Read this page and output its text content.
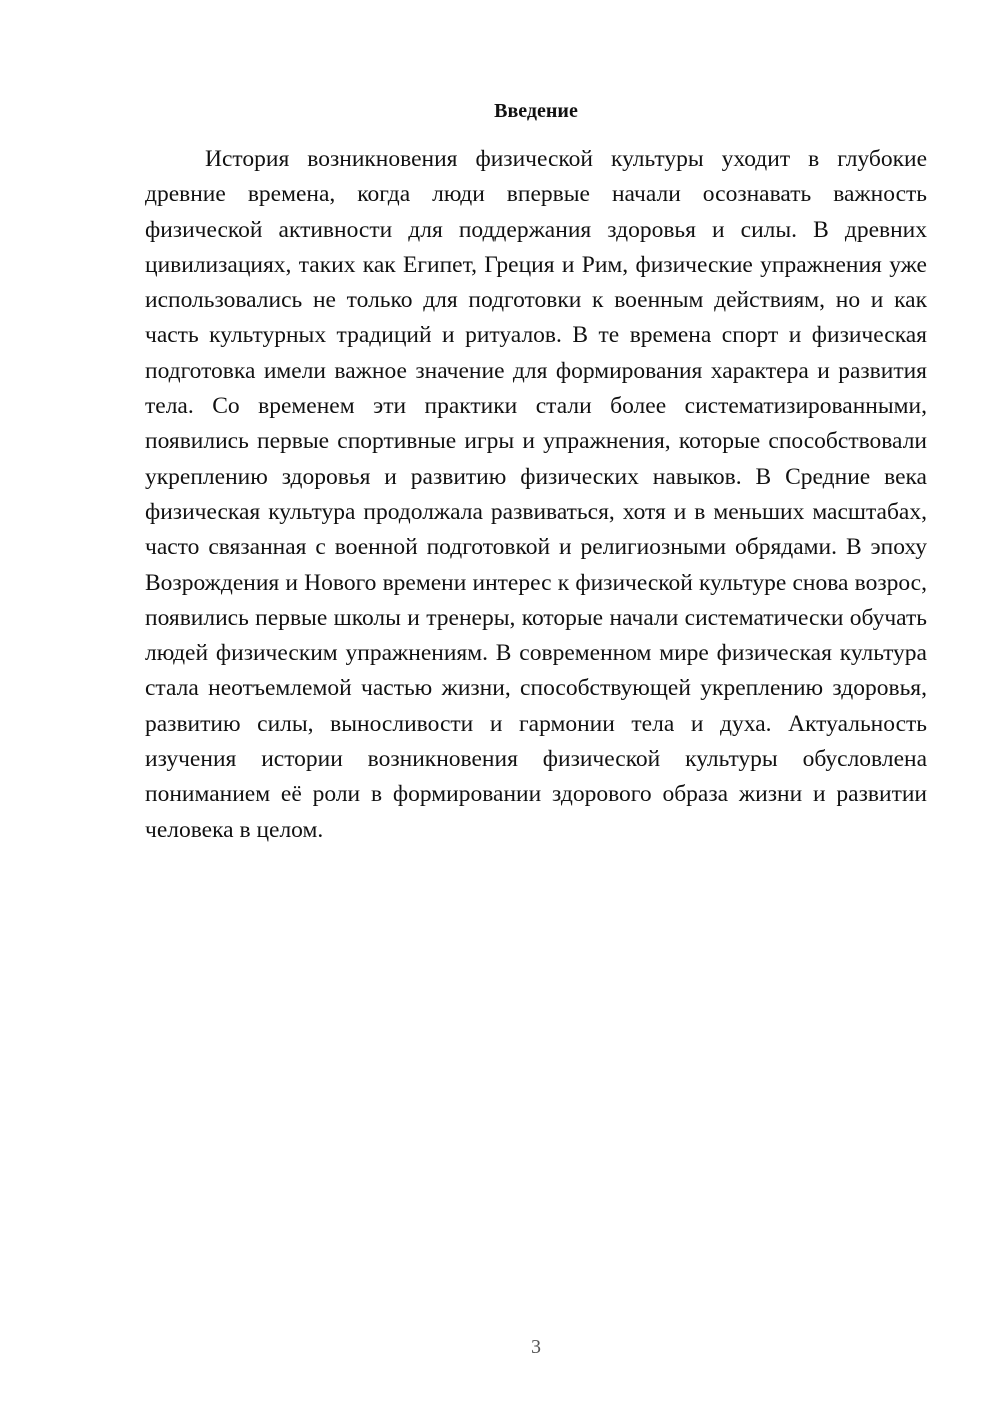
Введение

История возникновения физической культуры уходит в глубокие древние времена, когда люди впервые начали осознавать важность физической активности для поддержания здоровья и силы. В древних цивилизациях, таких как Египет, Греция и Рим, физические упражнения уже использовались не только для подготовки к военным действиям, но и как часть культурных традиций и ритуалов. В те времена спорт и физическая подготовка имели важное значение для формирования характера и развития тела. Со временем эти практики стали более систематизированными, появились первые спортивные игры и упражнения, которые способствовали укреплению здоровья и развитию физических навыков. В Средние века физическая культура продолжала развиваться, хотя и в меньших масштабах, часто связанная с военной подготовкой и религиозными обрядами. В эпоху Возрождения и Нового времени интерес к физической культуре снова возрос, появились первые школы и тренеры, которые начали систематически обучать людей физическим упражнениям. В современном мире физическая культура стала неотъемлемой частью жизни, способствующей укреплению здоровья, развитию силы, выносливости и гармонии тела и духа. Актуальность изучения истории возникновения физической культуры обусловлена пониманием её роли в формировании здорового образа жизни и развитии человека в целом.

3
